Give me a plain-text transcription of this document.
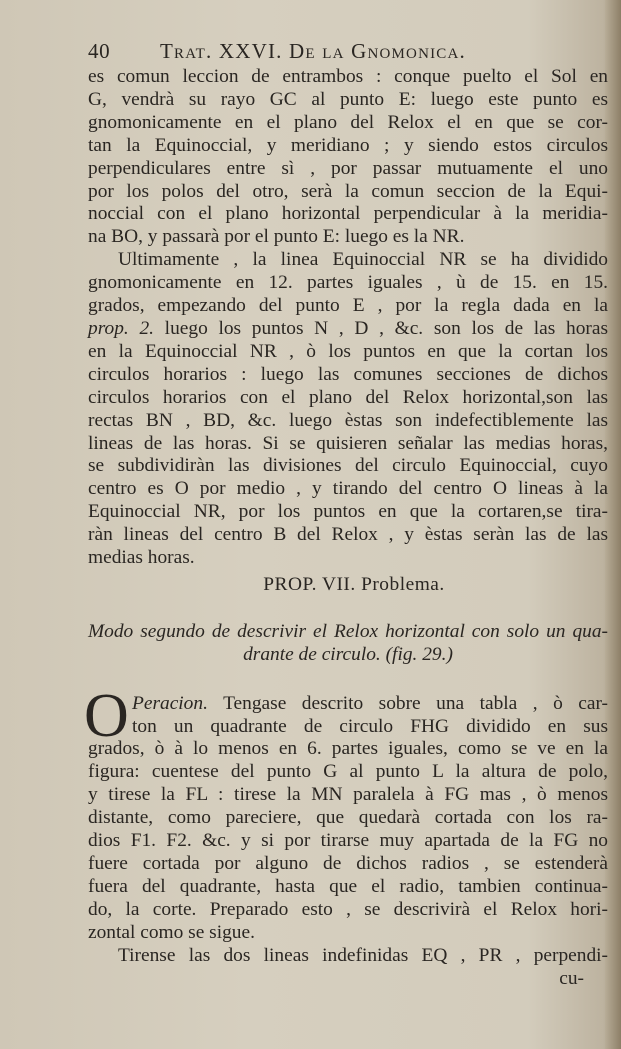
40	Trat. XXVI. De la Gnomonica.
es comun leccion de entrambos : conque puelto el Sol en
G, vendrà su rayo GC al punto E: luego este punto es
gnomonicamente en el plano del Relox el en que se cor-
tan la Equinoccial, y meridiano ; y siendo estos circulos
perpendiculares entre sì , por passar mutuamente el uno
por los polos del otro, serà la comun seccion de la Equi-
noccial con el plano horizontal perpendicular à la meridia-
na BO, y passarà por el punto E: luego es la NR.
Ultimamente , la linea Equinoccial NR se ha dividido
gnomonicamente en 12. partes iguales , ù de 15. en 15.
grados, empezando del punto E , por la regla dada en la
prop. 2. luego los puntos N , D , &c. son los de las horas
en la Equinoccial NR , ò los puntos en que la cortan los
circulos horarios : luego las comunes secciones de dichos
circulos horarios con el plano del Relox horizontal,son las
rectas BN , BD, &c. luego èstas son indefectiblemente las
lineas de las horas. Si se quisieren señalar las medias horas,
se subdividiràn las divisiones del circulo Equinoccial, cuyo
centro es O por medio , y tirando del centro O lineas à la
Equinoccial NR, por los puntos en que la cortaren,se tira-
ràn lineas del centro B del Relox , y èstas seràn las de las
medias horas.
PROP. VII. Problema.
Modo segundo de descrivir el Relox horizontal con solo un qua-
drante de circulo. (fig. 29.)
O Peracion. Tengase descrito sobre una tabla , ò car-
ton un quadrante de circulo FHG dividido en sus
grados, ò à lo menos en 6. partes iguales, como se ve en la
figura: cuentese del punto G al punto L la altura de polo,
y tirese la FL : tirese la MN paralela à FG mas , ò menos
distante, como pareciere, que quedarà cortada con los ra-
dios F1. F2. &c. y si por tirarse muy apartada de la FG no
fuere cortada por alguno de dichos radios , se estenderà
fuera del quadrante, hasta que el radio, tambien continua-
do, la corte. Preparado esto , se descrivirà el Relox hori-
zontal como se sigue.
Tirense las dos lineas indefinidas EQ , PR , perpendi-
cu-
